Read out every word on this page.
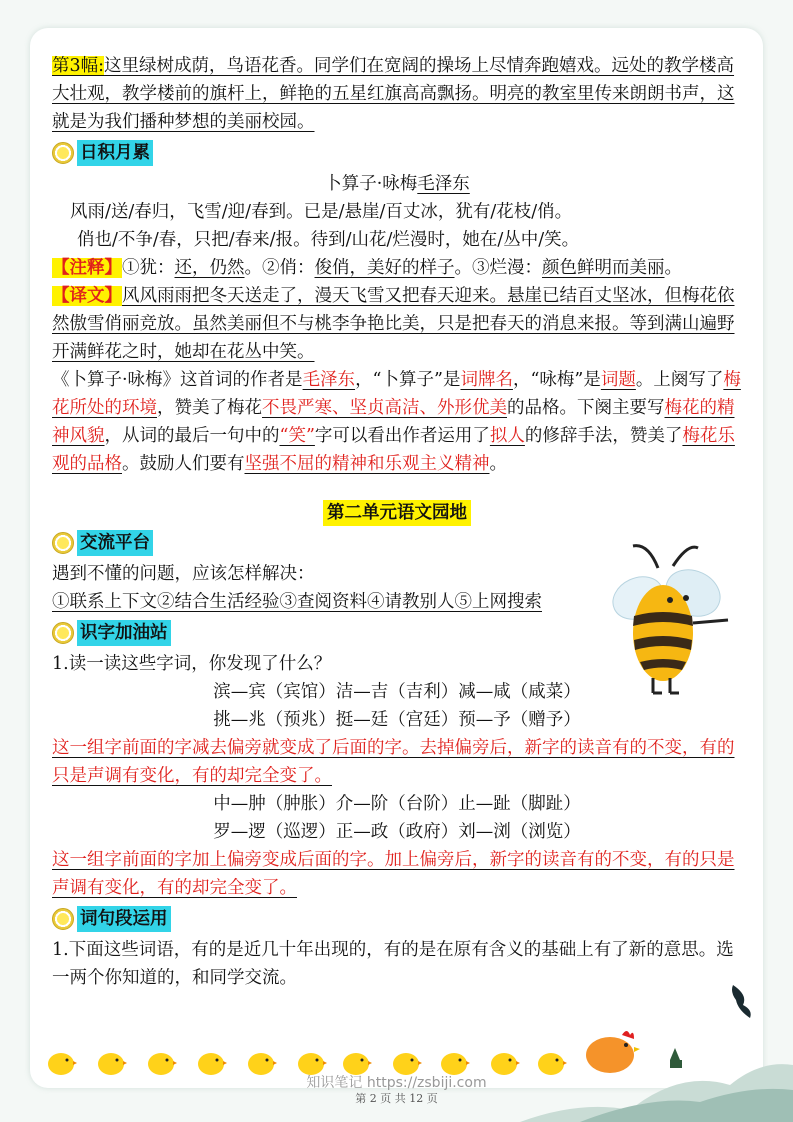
第3幅:这里绿树成荫，鸟语花香。同学们在宽阔的操场上尽情奔跑嬉戏。远处的教学楼高大壮观，教学楼前的旗杆上，鲜艳的五星红旗高高飘扬。明亮的教室里传来朗朗书声，这就是为我们播种梦想的美丽校园。

日积月累

卜算子·咏梅毛泽东

风雨/送/春归，飞雪/迎/春到。已是/悬崖/百丈冰，犹有/花枝/俏。

俏也/不争/春，只把/春来/报。待到/山花/烂漫时，她在/丛中/笑。

【注释】①犹：还，仍然。②俏：俊俏，美好的样子。③烂漫：颜色鲜明而美丽。

【译文】风风雨雨把冬天送走了，漫天飞雪又把春天迎来。悬崖已结百丈坚冰，但梅花依然傲雪俏丽竞放。虽然美丽但不与桃李争艳比美，只是把春天的消息来报。等到满山遍野开满鲜花之时，她却在花丛中笑。

《卜算子·咏梅》这首词的作者是毛泽东，“卜算子”是词牌名，“咏梅”是词题。上阕写了梅花所处的环境，赞美了梅花不畏严寒、坚贞高洁、外形优美的品格。下阕主要写梅花的精神风貌，从词的最后一句中的“笑”字可以看出作者运用了拟人的修辞手法，赞美了梅花乐观的品格。鼓励人们要有坚强不屈的精神和乐观主义精神。

第二单元语文园地
交流平台

遇到不懂的问题，应该怎样解决：

①联系上下文②结合生活经验③查阅资料④请教别人⑤上网搜索

识字加油站

1.读一读这些字词，你发现了什么？

滨—宾（宾馆）洁—吉（吉利）减—咸（咸菜）

挑—兆（预兆）挺—廷（宫廷）预—予（赠予）

这一组字前面的字减去偏旁就变成了后面的字。去掉偏旁后，新字的读音有的不变，有的只是声调有变化，有的却完全变了。

中—肿（肿胀）介—阶（台阶）止—趾（脚趾）

罗—逻（巡逻）正—政（政府）刘—浏（浏览）

这一组字前面的字加上偏旁变成后面的字。加上偏旁后，新字的读音有的不变，有的只是声调有变化，有的却完全变了。

词句段运用

1.下面这些词语，有的是近几十年出现的，有的是在原有含义的基础上有了新的意思。选一两个你知道的，和同学交流。

知识笔记 https://zsbiji.com
第 2 页 共 12 页
